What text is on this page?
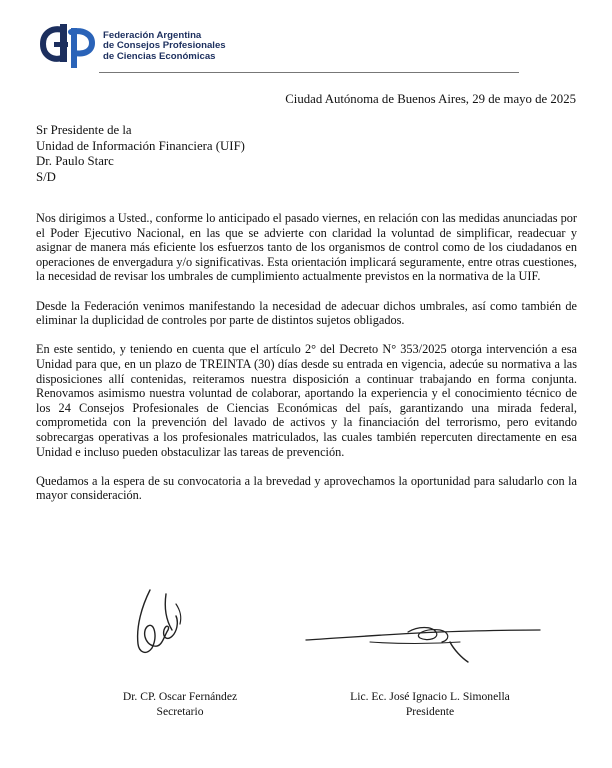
Federación Argentina
de Consejos Profesionales
de Ciencias Económicas
Ciudad Autónoma de Buenos Aires, 29 de mayo de 2025
Sr Presidente de la
Unidad de Información Financiera (UIF)
Dr. Paulo Starc
S/D

Nos dirigimos a Usted., conforme lo anticipado el pasado viernes, en relación con las medidas anunciadas por el Poder Ejecutivo Nacional, en las que se advierte con claridad la voluntad de simplificar, readecuar y asignar de manera más eficiente los esfuerzos tanto de los organismos de control como de los ciudadanos en operaciones de envergadura y/o significativas. Esta orientación implicará seguramente, entre otras cuestiones, la necesidad de revisar los umbrales de cumplimiento actualmente previstos en la normativa de la UIF.

Desde la Federación venimos manifestando la necesidad de adecuar dichos umbrales, así como también de eliminar la duplicidad de controles por parte de distintos sujetos obligados.

En este sentido, y teniendo en cuenta que el artículo 2° del Decreto N° 353/2025 otorga intervención a esa Unidad para que, en un plazo de TREINTA (30) días desde su entrada en vigencia, adecúe su normativa a las disposiciones allí contenidas, reiteramos nuestra disposición a continuar trabajando en forma conjunta. Renovamos asimismo nuestra voluntad de colaborar, aportando la experiencia y el conocimiento técnico de los 24 Consejos Profesionales de Ciencias Económicas del país, garantizando una mirada federal, comprometida con la prevención del lavado de activos y la financiación del terrorismo, pero evitando sobrecargas operativas a los profesionales matriculados, las cuales también repercuten directamente en esa Unidad e incluso pueden obstaculizar las tareas de prevención.

Quedamos a la espera de su convocatoria a la brevedad y aprovechamos la oportunidad para saludarlo con la mayor consideración.

Dr. CP. Oscar Fernández
Secretario
Lic. Ec. José Ignacio L. Simonella
Presidente
